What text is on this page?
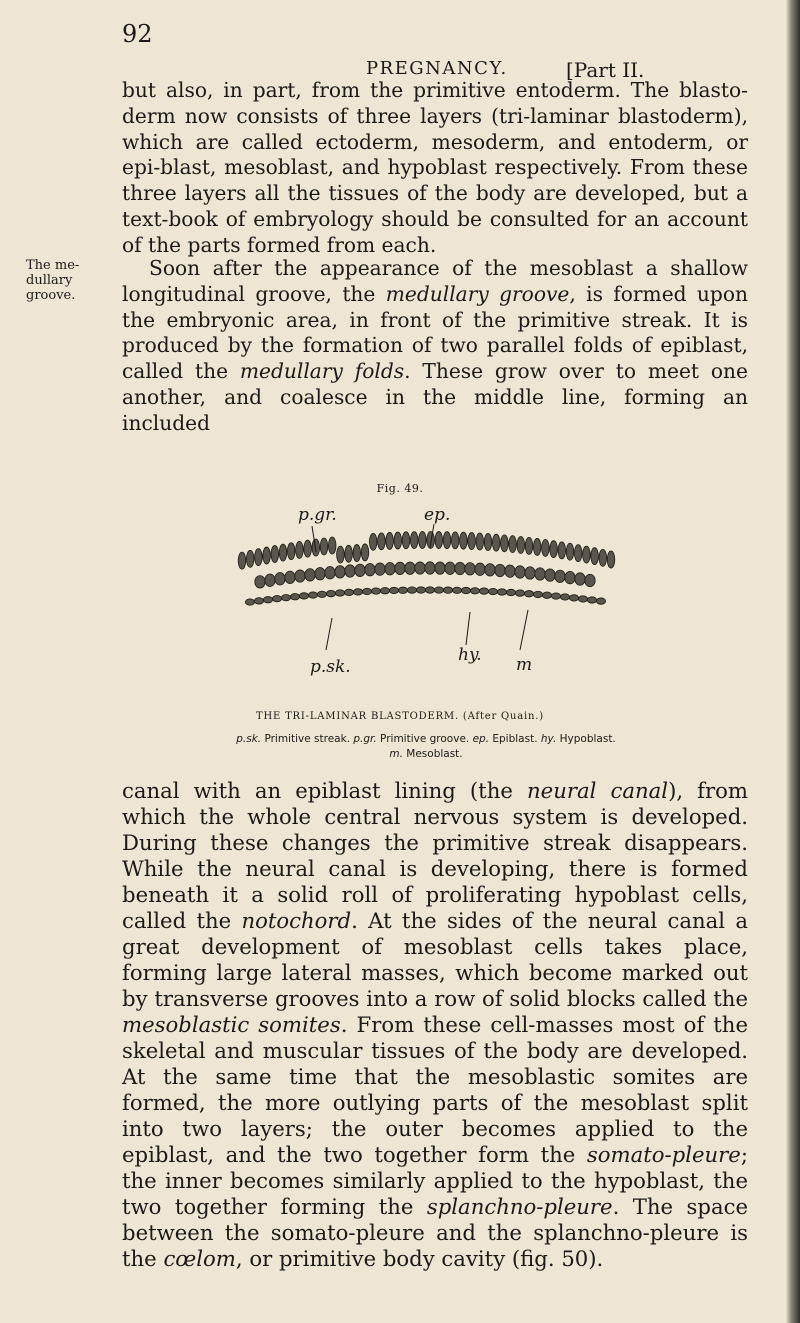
92
PREGNANCY.	[Part II.

but also, in part, from the primitive entoderm. The blasto-derm now consists of three layers (tri-laminar blastoderm), which are called ectoderm, mesoderm, and entoderm, or epi-blast, mesoblast, and hypoblast respectively. From these three layers all the tissues of the body are developed, but a text-book of embryology should be consulted for an account of the parts formed from each.

The me-dullary groove.

Soon after the appearance of the mesoblast a shallow longitudinal groove, the medullary groove, is formed upon the embryonic area, in front of the primitive streak. It is produced by the formation of two parallel folds of epiblast, called the medullary folds. These grow over to meet one another, and coalesce in the middle line, forming an included

Fig. 49.
p.gr.	ep.
p.sk.
hy. m
THE TRI-LAMINAR BLASTODERM. (After Quain.)
p.sk. Primitive streak. p.gr. Primitive groove. ep. Epiblast. hy. Hypoblast.
m. Mesoblast.

canal with an epiblast lining (the neural canal), from which the whole central nervous system is developed. During these changes the primitive streak disappears. While the neural canal is developing, there is formed beneath it a solid roll of proliferating hypoblast cells, called the notochord. At the sides of the neural canal a great development of mesoblast cells takes place, forming large lateral masses, which become marked out by transverse grooves into a row of solid blocks called the mesoblastic somites. From these cell-masses most of the skeletal and muscular tissues of the body are developed. At the same time that the mesoblastic somites are formed, the more outlying parts of the mesoblast split into two layers; the outer becomes applied to the epiblast, and the two together form the somato-pleure; the inner becomes similarly applied to the hypoblast, the two together forming the splanchno-pleure. The space between the somato-pleure and the splanchno-pleure is the cœlom, or primitive body cavity (fig. 50).
